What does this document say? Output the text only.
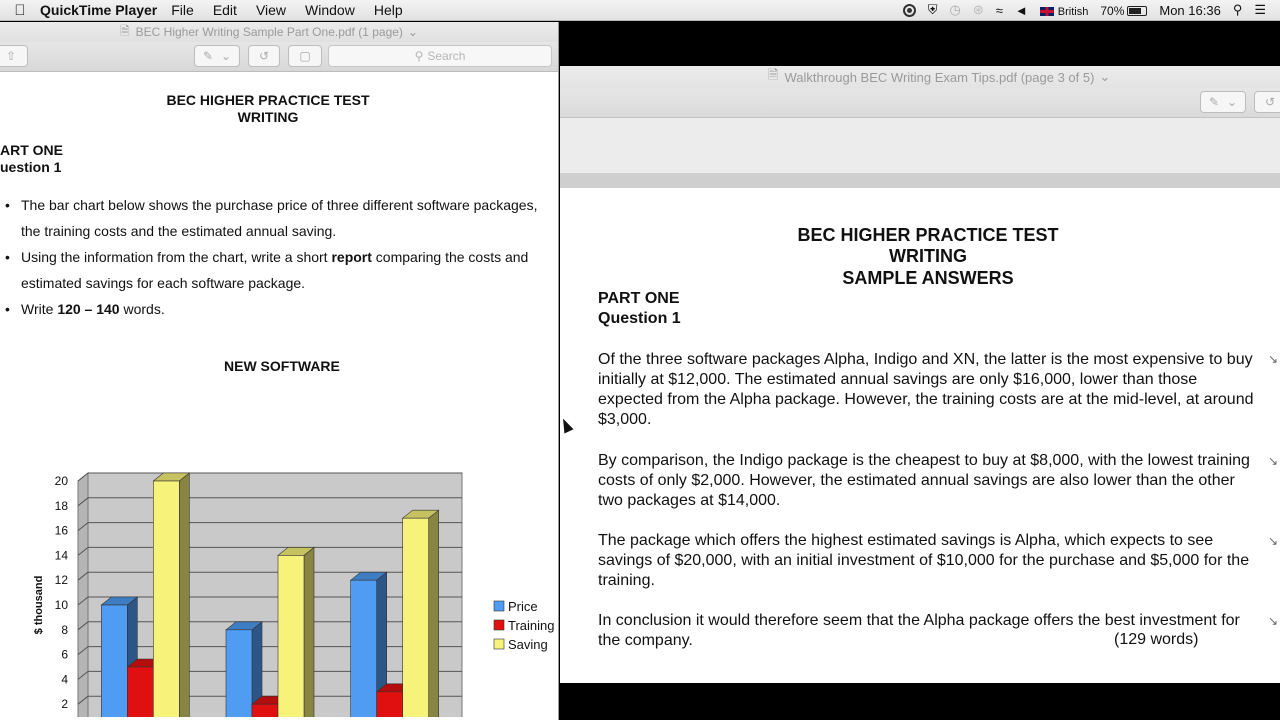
QuickTime Player File Edit View Window Help	⛨ ◷ ⊛ ≈ ◄	British 70%	Mon 16:36 ⚲ ☰
🗎 BEC Higher Writing Sample Part One.pdf (1 page) ⌄
⇧	✎ ⌄ ↺	▢	⚲ Search
BEC HIGHER PRACTICE TEST
WRITING
ART ONE
uestion 1
• The bar chart below shows the purchase price of three different software packages, the training costs and the estimated annual saving.
• Using the information from the chart, write a short report comparing the costs and estimated savings for each software package.
• Write 120 – 140 words.
NEW SOFTWARE
2
4
6
8
10
12
14
16
18
20
$ thousand	Price
Training
Saving
🗎 Walkthrough BEC Writing Exam Tips.pdf (page 3 of 5) ⌄
✎ ⌄ ↺
BEC HIGHER PRACTICE TEST
WRITING
SAMPLE ANSWERS
PART ONE
Question 1
Of the three software packages Alpha, Indigo and XN, the latter is the most expensive to buy initially at $12,000. The estimated annual savings are only $16,000, lower than those expected from the Alpha package. However, the training costs are at the mid-level, at around $3,000.
By comparison, the Indigo package is the cheapest to buy at $8,000, with the lowest training costs of only $2,000. However, the estimated annual savings are also lower than the other two packages at $14,000.
The package which offers the highest estimated savings is Alpha, which expects to see savings of $20,000, with an initial investment of $10,000 for the purchase and $5,000 for the training.
In conclusion it would therefore seem that the Alpha package offers the best investment for the company.	(129 words)
↘
↘
↘
↘
